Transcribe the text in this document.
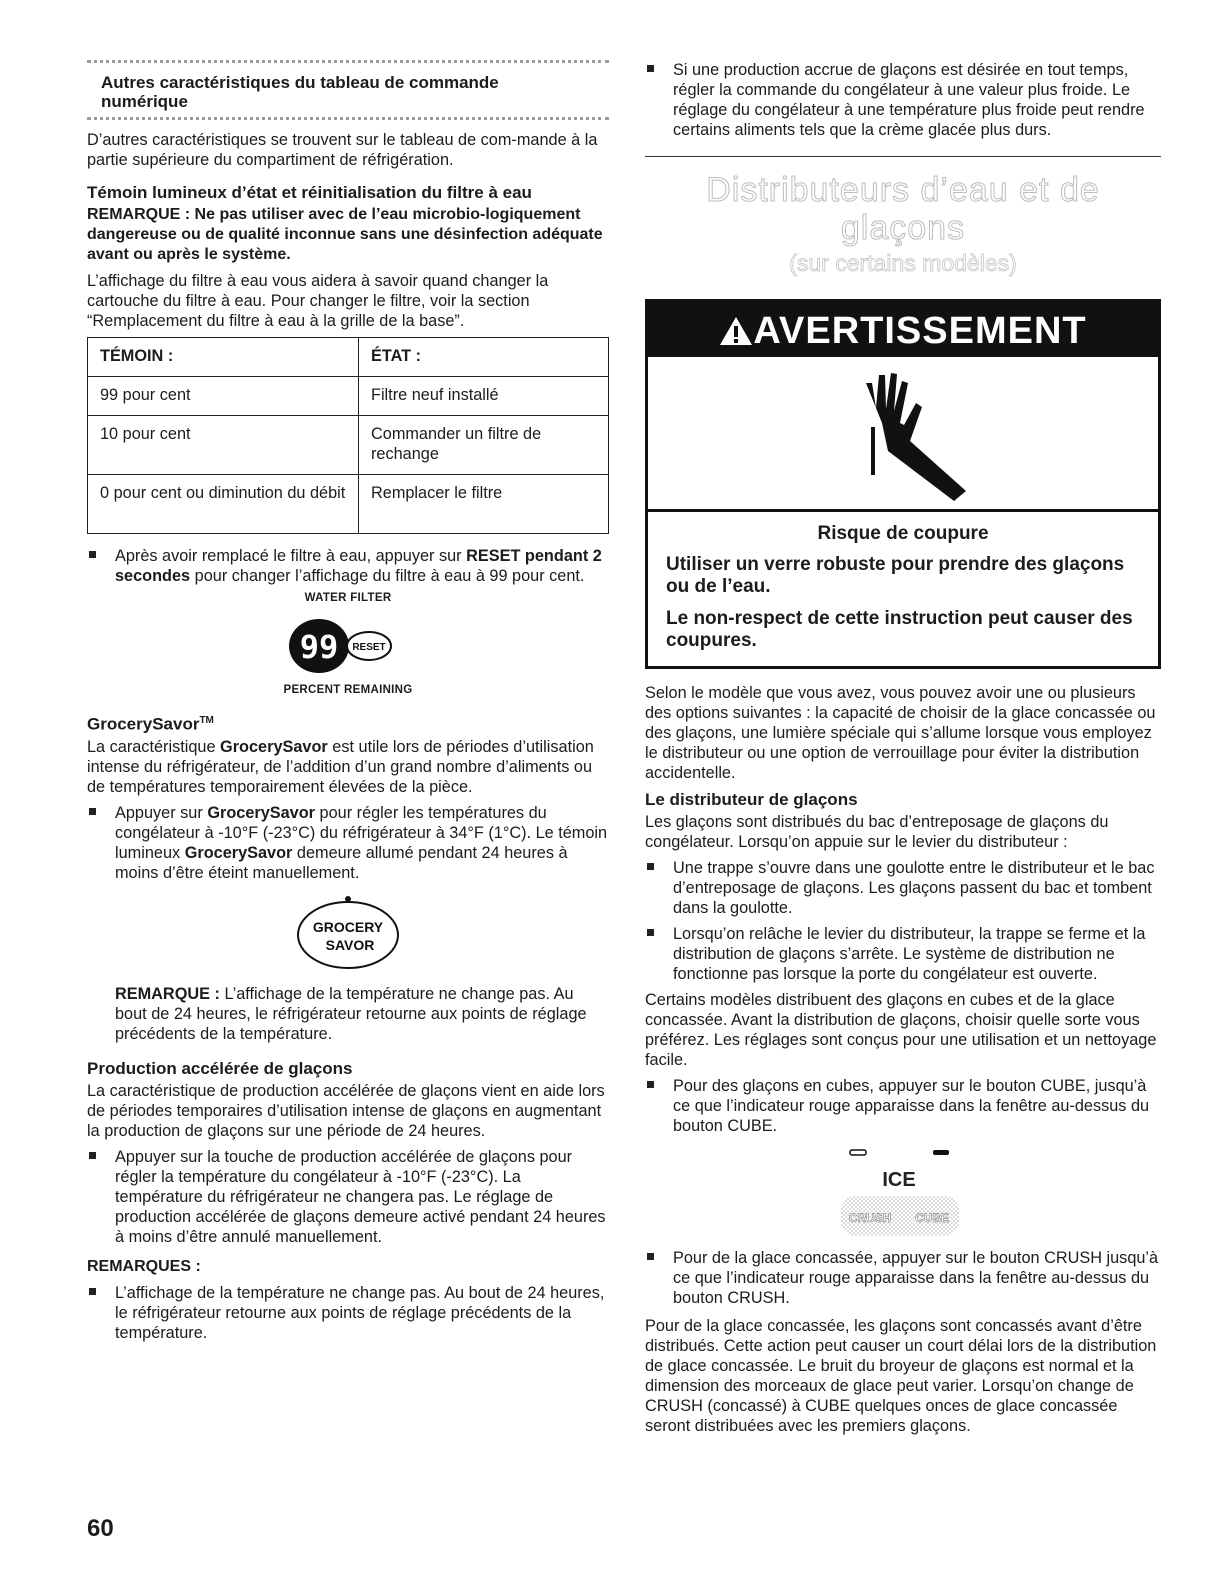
Autres caractéristiques du tableau de commande
numérique

D’autres caractéristiques se trouvent sur le tableau de com-mande à la partie supérieure du compartiment de réfrigération.

Témoin lumineux d’état et réinitialisation du filtre à eau
REMARQUE : Ne pas utiliser avec de l’eau microbio-logiquement dangereuse ou de qualité inconnue sans une désinfection adéquate avant ou après le système.

L’affichage du filtre à eau vous aidera à savoir quand changer la cartouche du filtre à eau. Pour changer le filtre, voir la section “Remplacement du filtre à eau à la grille de la base”.

TÉMOIN :	ÉTAT :
99 pour cent	Filtre neuf installé
10 pour cent	Commander un filtre de rechange
0 pour cent ou diminution du débit	Remplacer le filtre

Après avoir remplacé le filtre à eau, appuyer sur RESET pendant 2 secondes pour changer l’affichage du filtre à eau à 99 pour cent.

WATER FILTER
99 RESET
PERCENT REMAINING
GrocerySavor™

La caractéristique GrocerySavor est utile lors de périodes d’utilisation intense du réfrigérateur, de l’addition d’un grand nombre d’aliments ou de températures temporairement élevées de la pièce.

Appuyer sur GrocerySavor pour régler les températures du congélateur à -10°F (-23°C) du réfrigérateur à 34°F (1°C). Le témoin lumineux GrocerySavor demeure allumé pendant 24 heures à moins d’être éteint manuellement.

GROCERY
SAVOR

REMARQUE : L’affichage de la température ne change pas. Au bout de 24 heures, le réfrigérateur retourne aux points de réglage précédents de la température.

Production accélérée de glaçons

La caractéristique de production accélérée de glaçons vient en aide lors de périodes temporaires d’utilisation intense de glaçons en augmentant la production de glaçons sur une période de 24 heures.

Appuyer sur la touche de production accélérée de glaçons pour régler la température du congélateur à -10°F (-23°C). La température du réfrigérateur ne changera pas. Le réglage de production accélérée de glaçons demeure activé pendant 24 heures à moins d’être annulé manuellement.

REMARQUES :

L’affichage de la température ne change pas. Au bout de 24 heures, le réfrigérateur retourne aux points de réglage précédents de la température.

Si une production accrue de glaçons est désirée en tout temps, régler la commande du congélateur à une valeur plus froide. Le réglage du congélateur à une température plus froide peut rendre certains aliments tels que la crème glacée plus durs.

Distributeurs d’eau et de glaçons
(sur certains modèles)
AVERTISSEMENT
Risque de coupure
Utiliser un verre robuste pour prendre des glaçons ou de l’eau.
Le non-respect de cette instruction peut causer des coupures.

Selon le modèle que vous avez, vous pouvez avoir une ou plusieurs des options suivantes : la capacité de choisir de la glace concassée ou des glaçons, une lumière spéciale qui s’allume lorsque vous employez le distributeur ou une option de verrouillage pour éviter la distribution accidentelle.

Le distributeur de glaçons

Les glaçons sont distribués du bac d’entreposage de glaçons du congélateur. Lorsqu’on appuie sur le levier du distributeur :

Une trappe s’ouvre dans une goulotte entre le distributeur et le bac d’entreposage de glaçons. Les glaçons passent du bac et tombent dans la goulotte.

Lorsqu’on relâche le levier du distributeur, la trappe se ferme et la distribution de glaçons s’arrête. Le système de distribution ne fonctionne pas lorsque la porte du congélateur est ouverte.

Certains modèles distribuent des glaçons en cubes et de la glace concassée. Avant la distribution de glaçons, choisir quelle sorte vous préférez. Les réglages sont conçus pour une utilisation et un nettoyage facile.

Pour des glaçons en cubes, appuyer sur le bouton CUBE, jusqu’à ce que l’indicateur rouge apparaisse dans la fenêtre au-dessus du bouton CUBE.

ICE
CRUSH CUBE

Pour de la glace concassée, appuyer sur le bouton CRUSH jusqu’à ce que l’indicateur rouge apparaisse dans la fenêtre au-dessus du bouton CRUSH.

Pour de la glace concassée, les glaçons sont concassés avant d’être distribués. Cette action peut causer un court délai lors de la distribution de glace concassée. Le bruit du broyeur de glaçons est normal et la dimension des morceaux de glace peut varier. Lorsqu’on change de CRUSH (concassé) à CUBE quelques onces de glace concassée seront distribuées avec les premiers glaçons.

60
